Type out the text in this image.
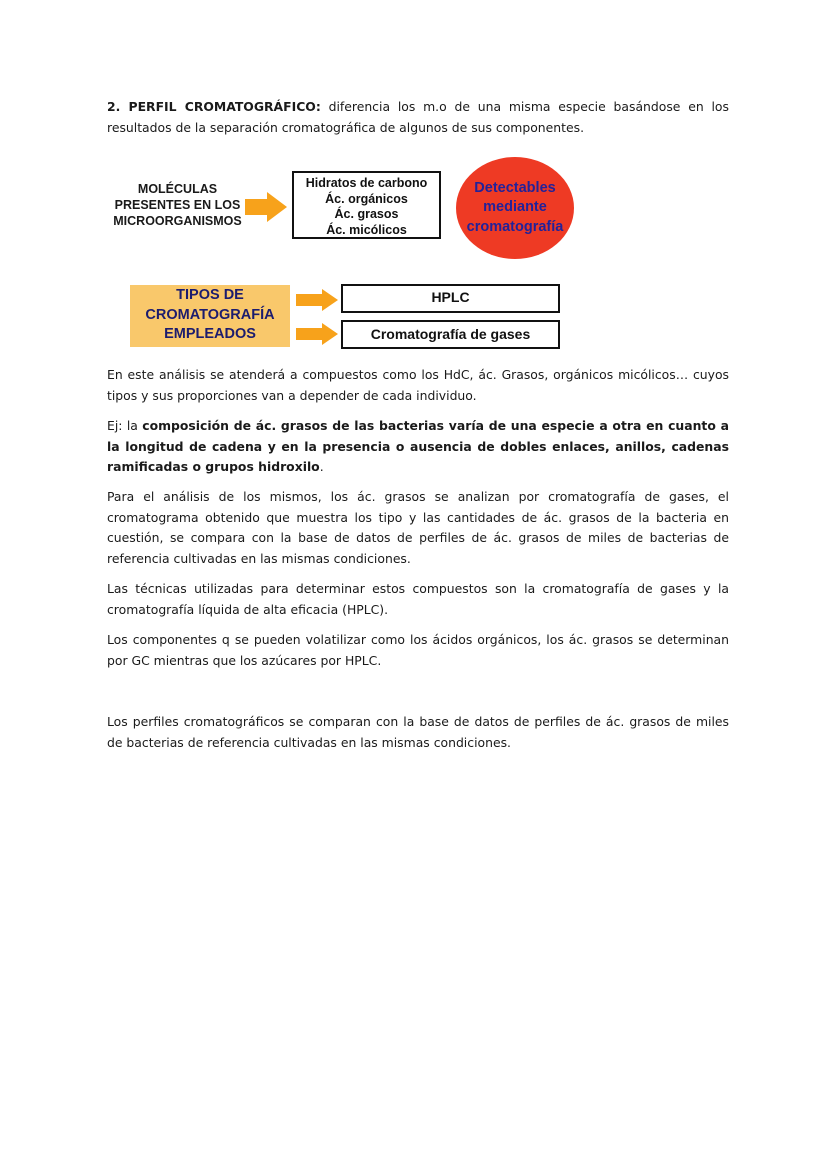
2. PERFIL CROMATOGRÁFICO: diferencia los m.o de una misma especie basándose en los resultados de la separación cromatográfica de algunos de sus componentes.

MOLÉCULAS
PRESENTES EN LOS
MICROORGANISMOS
Hidratos de carbono
Ác. orgánicos
Ác. grasos
Ác. micólicos
Detectables
mediante
cromatografía
TIPOS DE
CROMATOGRAFÍA
EMPLEADOS
HPLC
Cromatografía de gases

En este análisis se atenderá a compuestos como los HdC, ác. Grasos, orgánicos micólicos… cuyos tipos y sus proporciones van a depender de cada individuo.

Ej: la composición de ác. grasos de las bacterias varía de una especie a otra en cuanto a la longitud de cadena y en la presencia o ausencia de dobles enlaces, anillos, cadenas ramificadas o grupos hidroxilo.

Para el análisis de los mismos, los ác. grasos se analizan por cromatografía de gases, el cromatograma obtenido que muestra los tipo y las cantidades de ác. grasos de la bacteria en cuestión, se compara con la base de datos de perfiles de ác. grasos de miles de bacterias de referencia cultivadas en las mismas condiciones.

Las técnicas utilizadas para determinar estos compuestos son la cromatografía de gases y la cromatografía líquida de alta eficacia (HPLC).

Los componentes q se pueden volatilizar como los ácidos orgánicos, los ác. grasos se determinan por GC mientras que los azúcares por HPLC.

Los perfiles cromatográficos se comparan con la base de datos de perfiles de ác. grasos de miles de bacterias de referencia cultivadas en las mismas condiciones.
